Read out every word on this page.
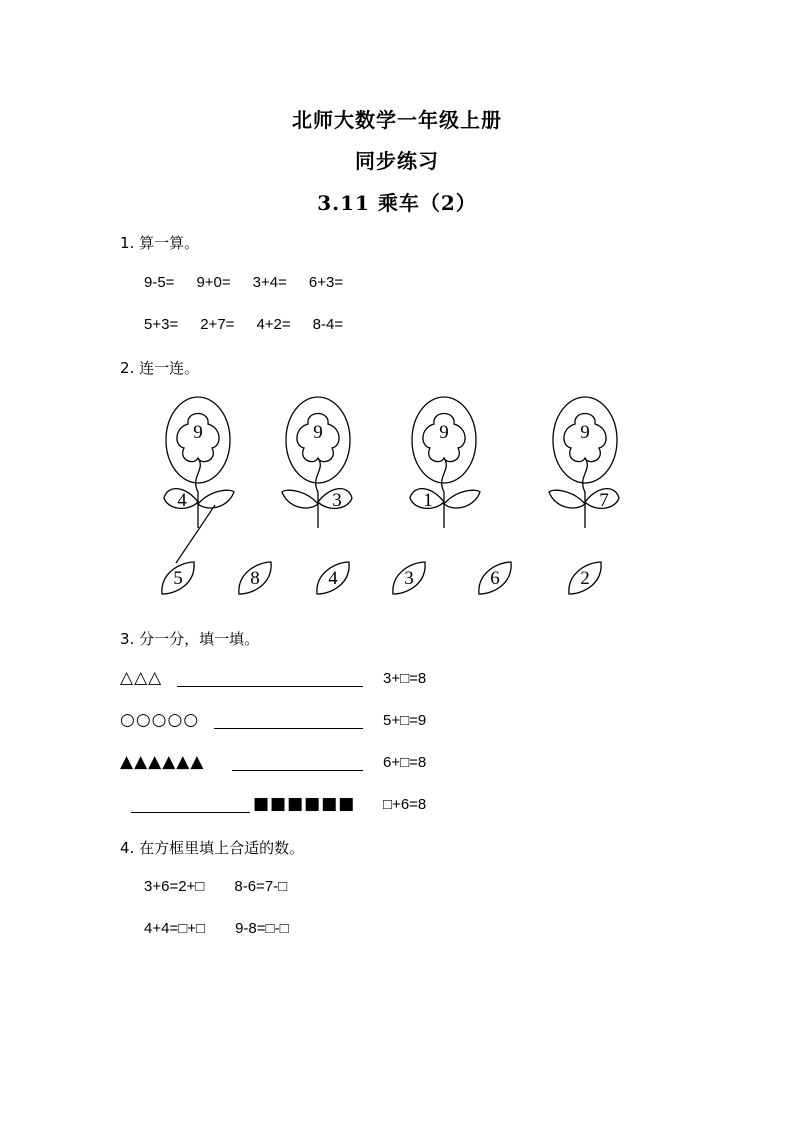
北师大数学一年级上册
同步练习
3.11 乘车（2）
1. 算一算。
9-5= 9+0= 3+4= 6+3=
5+3= 2+7= 4+2= 8-4=
2. 连一连。
9
4
9
3
9
1
9
7
5	8	4	3	6	2
3. 分一分，填一填。
△△△	3+□=8
○○○○○	5+□=9
▲▲▲▲▲▲	6+□=8
■■■■■■ □+6=8
4. 在方框里填上合适的数。
3+6=2+□ 8-6=7-□
4+4=□+□ 9-8=□-□
